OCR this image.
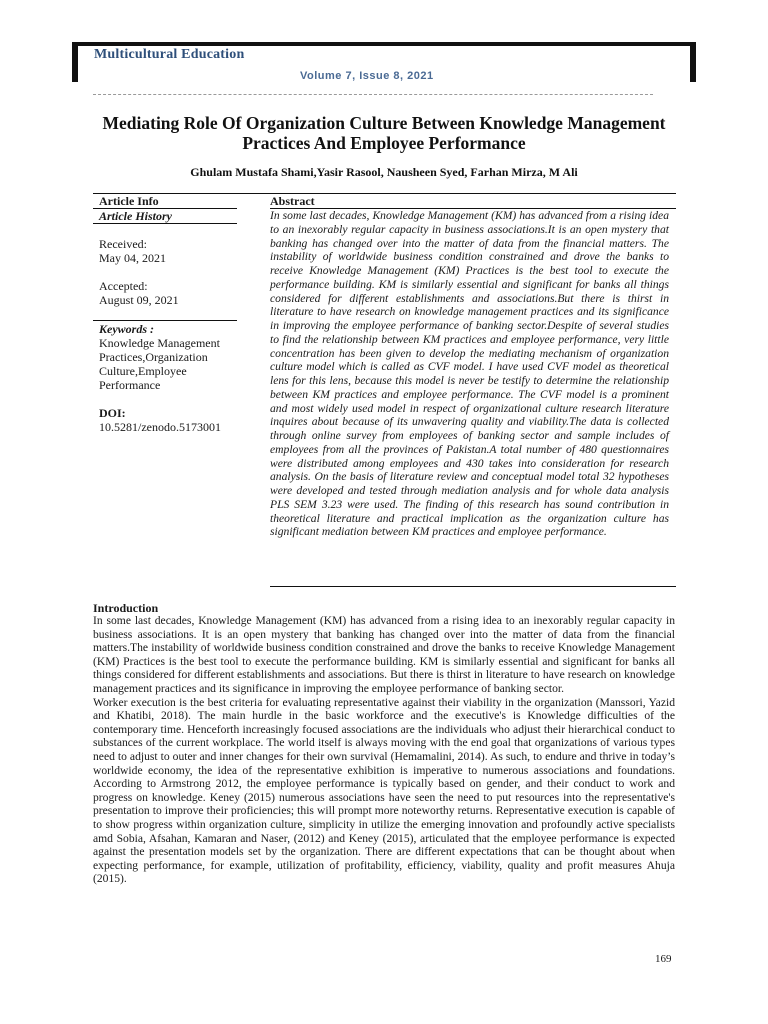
Multicultural Education
Volume 7, Issue 8, 2021
Mediating Role Of Organization Culture Between Knowledge Management Practices And Employee Performance
Ghulam Mustafa Shami,Yasir Rasool, Nausheen Syed, Farhan Mirza, M Ali
Article Info	Abstract
Article History
Received:
May 04, 2021
Accepted:
August 09, 2021
Keywords :
Knowledge Management Practices,Organization Culture,Employee Performance
DOI:
10.5281/zenodo.5173001
In some last decades, Knowledge Management (KM) has advanced from a rising idea to an inexorably regular capacity in business associations.It is an open mystery that banking has changed over into the matter of data from the financial matters. The instability of worldwide business condition constrained and drove the banks to receive Knowledge Management (KM) Practices is the best tool to execute the performance building. KM is similarly essential and significant for banks all things considered for different establishments and associations.But there is thirst in literature to have research on knowledge management practices and its significance in improving the employee performance of banking sector.Despite of several studies to find the relationship between KM practices and employee performance, very little concentration has been given to develop the mediating mechanism of organization culture model which is called as CVF model. I have used CVF model as theoretical lens for this lens, because this model is never be testify to determine the relationship between KM practices and employee performance. The CVF model is a prominent and most widely used model in respect of organizational culture research literature inquires about because of its unwavering quality and viability.The data is collected through online survey from employees of banking sector and sample includes of employees from all the provinces of Pakistan.A total number of 480 questionnaires were distributed among employees and 430 takes into consideration for research analysis. On the basis of literature review and conceptual model total 32 hypotheses were developed and tested through mediation analysis and for whole data analysis PLS SEM 3.23 were used. The finding of this research has sound contribution in theoretical literature and practical implication as the organization culture has significant mediation between KM practices and employee performance.
Introduction

In some last decades, Knowledge Management (KM) has advanced from a rising idea to an inexorably regular capacity in business associations. It is an open mystery that banking has changed over into the matter of data from the financial matters.The instability of worldwide business condition constrained and drove the banks to receive Knowledge Management (KM) Practices is the best tool to execute the performance building. KM is similarly essential and significant for banks all things considered for different establishments and associations. But there is thirst in literature to have research on knowledge management practices and its significance in improving the employee performance of banking sector.

Worker execution is the best criteria for evaluating representative against their viability in the organization (Manssori, Yazid and Khatibi, 2018). The main hurdle in the basic workforce and the executive's is Knowledge difficulties of the contemporary time. Henceforth increasingly focused associations are the individuals who adjust their hierarchical conduct to substances of the current workplace. The world itself is always moving with the end goal that organizations of various types need to adjust to outer and inner changes for their own survival (Hemamalini, 2014). As such, to endure and thrive in today’s worldwide economy, the idea of the representative exhibition is imperative to numerous associations and foundations. According to Armstrong 2012, the employee performance is typically based on gender, and their conduct to work and progress on knowledge. Keney (2015) numerous associations have seen the need to put resources into the representative's presentation to improve their proficiencies; this will prompt more noteworthy returns. Representative execution is capable of to show progress within organization culture, simplicity in utilize the emerging innovation and profoundly active specialists amd Sobia, Afsahan, Kamaran and Naser, (2012) and Keney (2015), articulated that the employee performance is expected against the presentation models set by the organization. There are different expectations that can be thought about when expecting performance, for example, utilization of profitability, efficiency, viability, quality and profit measures Ahuja (2015).

169
